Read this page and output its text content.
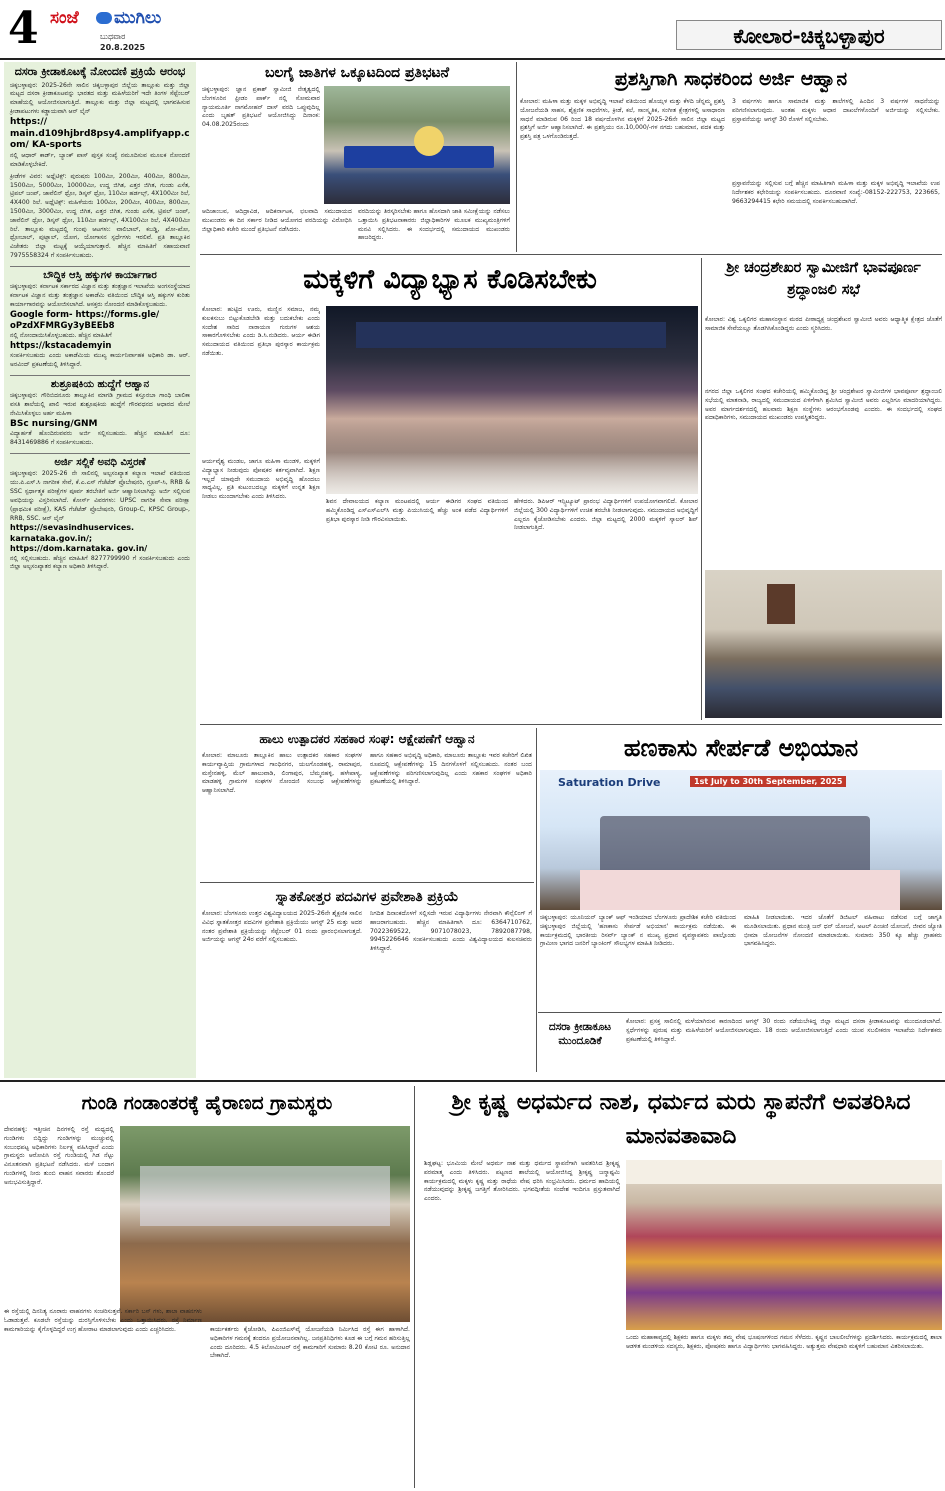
4 ಸಂಜೆ ಮುಗಿಲು
ಬುಧವಾರ
20.8.2025	ಕೋಲಾರ-ಚಿಕ್ಕಬಳ್ಳಾಪುರ
ದಸರಾ ಕ್ರೀಡಾಕೂಟಕ್ಕೆ ನೋಂದಣಿ ಪ್ರಕ್ರಿಯೆ ಆರಂಭ
ಚಿಕ್ಕಬಳ್ಳಾಪುರ: 2025-26ನೇ ಸಾಲಿನ ಚಿಕ್ಕಬಳ್ಳಾಪುರ ಜಿಲ್ಲೆಯ ತಾಲ್ಲೂಕು ಮತ್ತು ಜಿಲ್ಲಾ ಮಟ್ಟದ ದಸರಾ ಕ್ರೀಡಾಕೂಟವನ್ನು ಭಾರತದ ಮತ್ತು ಮಹಿಳೆಯರಿಗೆ ಇದೇ ತಿಂಗಳ ಸೆಪ್ಟೆಂಬರ್ ಮಾಹೆಯಲ್ಲಿ ಆಯೋಜಿಸಲಾಗುತ್ತಿದೆ. ತಾಲ್ಲೂಕು ಮತ್ತು ಜಿಲ್ಲಾ ಮಟ್ಟದಲ್ಲಿ ಭಾಗವಹಿಸುವ ಕ್ರೀಡಾಪಟುಗಳು ಕಡ್ಡಾಯವಾಗಿ ಆನ್ ಲೈನ್
https:// main.d109hjbrd8psy4.amplifyapp.com/ KA-sports
ನಲ್ಲಿ ಆಧಾರ್ ಕಾರ್ಡ್, ಬ್ಯಾಂಕ್ ಪಾಸ್ ಪುಸ್ತಕ ಸಂಖ್ಯೆ ನಮೂದಿಸುವ ಮೂಲಕ ನೋಂದಣಿ ಮಾಡಿಕೊಳ್ಳಬೇಕಿದೆ.
ಕ್ರೀಡೆಗಳ ವಿವರ: ಅಥ್ಲೆಟಿಕ್ಸ್: ಪುರುಷರು 100ಮೀ, 200ಮೀ, 400ಮೀ, 800ಮೀ, 1500ಮೀ, 5000ಮೀ, 10000ಮೀ, ಉದ್ದ ಜಿಗಿತ, ಎತ್ತರ ಜಿಗಿತ, ಗುಂಡು ಎಸೆತ, ಟ್ರಿಪಲ್ ಜಂಪ್, ಜಾವೆಲಿನ್ ಥ್ರೋ, ಡಿಸ್ಕಸ್ ಥ್ರೋ, 110ಮೀ ಹರ್ಡಲ್ಸ್, 4X100ಮೀ ರಿಲೆ, 4X400 ರಿಲೆ. ಅಥ್ಲೆಟಿಕ್ಸ್: ಮಹಿಳೆಯರು 100ಮೀ, 200ಮೀ, 400ಮೀ, 800ಮೀ, 1500ಮೀ, 3000ಮೀ, ಉದ್ದ ಜಿಗಿತ, ಎತ್ತರ ಜಿಗಿತ, ಗುಂಡು ಎಸೆತ, ಟ್ರಿಪಲ್ ಜಂಪ್, ಜಾವೆಲಿನ್ ಥ್ರೋ, ಡಿಸ್ಕಸ್ ಥ್ರೋ, 110ಮೀ ಹರ್ಡಲ್ಸ್, 4X100ಮೀ ರಿಲೆ, 4X400ಮೀ ರಿಲೆ. ತಾಲ್ಲೂಕು ಮಟ್ಟದಲ್ಲಿ ಗುಂಪು ಆಟಗಳು: ವಾಲಿಬಾಲ್, ಕಬಡ್ಡಿ, ಖೋ-ಖೋ, ಥ್ರೋಬಾಲ್, ಪುಟ್ಬಾಲ್, ಯೋಗ, ಯೋಗಾಸನ ಸ್ಪರ್ಧೆಗಳು ಇರಲಿವೆ. ಪ್ರತಿ ತಾಲ್ಲೂಕಿನ ವಿಜೇತರು ಜಿಲ್ಲಾ ಮಟ್ಟಕ್ಕೆ ಆಯ್ಕೆಯಾಗುತ್ತಾರೆ. ಹೆಚ್ಚಿನ ಮಾಹಿತಿಗೆ ಸಹಾಯವಾಣಿ 7975558324 ಗೆ ಸಂಪರ್ಕಿಸಬಹುದು.
ಬೌದ್ಧಿಕ ಆಸ್ತಿ ಹಕ್ಕುಗಳ ಕಾರ್ಯಾಗಾರ
ಚಿಕ್ಕಬಳ್ಳಾಪುರ: ಕರ್ನಾಟಕ ಸರ್ಕಾರದ ವಿಜ್ಞಾನ ಮತ್ತು ತಂತ್ರಜ್ಞಾನ ಇಲಾಖೆಯ ಅಂಗಸಂಸ್ಥೆಯಾದ ಕರ್ನಾಟಕ ವಿಜ್ಞಾನ ಮತ್ತು ತಂತ್ರಜ್ಞಾನ ಅಕಾಡೆಮಿ ವತಿಯಿಂದ ಬೌದ್ಧಿಕ ಆಸ್ತಿ ಹಕ್ಕುಗಳ ಕುರಿತು ಕಾರ್ಯಾಗಾರವನ್ನು ಆಯೋಜಿಸಲಾಗಿದೆ. ಆಸಕ್ತರು ನೋಂದಣಿ ಮಾಡಿಕೊಳ್ಳಬಹುದು.
Google form- https://forms.gle/ oPzdXFMRGy3yBEEb8
ನಲ್ಲಿ ನೋಂದಾಯಿಸಿಕೊಳ್ಳಬಹುದು. ಹೆಚ್ಚಿನ ಮಾಹಿತಿಗೆ
https://kstacademyin
ಸಂಪರ್ಕಿಸಬಹುದು ಎಂದು ಅಕಾಡೆಮಿಯ ಮುಖ್ಯ ಕಾರ್ಯನಿರ್ವಾಹಕ ಅಧಿಕಾರಿ ಡಾ. ಆರ್. ಅರವಿಂದ್ ಪ್ರಕಟಣೆಯಲ್ಲಿ ತಿಳಿಸಿದ್ದಾರೆ.
ಶುಶ್ರೂಷಕಿಯ ಹುದ್ದೆಗೆ ಆಹ್ವಾನ
ಚಿಕ್ಕಬಳ್ಳಾಪುರ: ಗೌರಿಬಿದನೂರು ತಾಲ್ಲೂಕಿನ ಮಾಗಡಿ ಗ್ರಾಮದ ಕಸ್ತೂರಬಾ ಗಾಂಧಿ ಬಾಲಿಕಾ ವಸತಿ ಶಾಲೆಯಲ್ಲಿ ಖಾಲಿ ಇರುವ ಶುಶ್ರೂಷಕಿಯ ಹುದ್ದೆಗೆ ಗೌರವಧನದ ಆಧಾರದ ಮೇಲೆ ನೇಮಿಸಿಕೊಳ್ಳಲು ಅರ್ಹ ಮಹಿಳಾ
BSc nursing/GNM
ವಿದ್ಯಾರ್ಹತೆ ಹೊಂದಿರುವವರು ಅರ್ಜಿ ಸಲ್ಲಿಸಬಹುದು. ಹೆಚ್ಚಿನ ಮಾಹಿತಿಗೆ ದೂ: 8431469886 ಗೆ ಸಂಪರ್ಕಿಸಬಹುದು.
ಅರ್ಜಿ ಸಲ್ಲಿಕೆ ಅವಧಿ ವಿಸ್ತರಣೆ
ಚಿಕ್ಕಬಳ್ಳಾಪುರ: 2025-26 ನೇ ಸಾಲಿನಲ್ಲಿ ಅಲ್ಪಸಂಖ್ಯಾತ ಕಲ್ಯಾಣ ಇಲಾಖೆ ವತಿಯಿಂದ ಯು.ಪಿ.ಎಸ್.ಸಿ ನಾಗರೀಕ ಸೇವೆ, ಕೆ.ಎ.ಎಸ್ ಗೆಜೆಟೆಡ್ ಪ್ರೊಬೇಷನರಿ, ಗ್ರೂಪ್-ಸಿ, RRB & SSC ಸ್ಪರ್ಧಾತ್ಮಕ ಪರೀಕ್ಷೆಗಳ ಪೂರ್ವ ತರಬೇತಿಗೆ ಅರ್ಜಿ ಆಹ್ವಾನಿಸಲಾಗಿದ್ದು ಅರ್ಜಿ ಸಲ್ಲಿಸುವ ಅವಧಿಯನ್ನು ವಿಸ್ತರಿಸಲಾಗಿದೆ. ಕೋರ್ಸ್ ವಿವರಗಳು: UPSC ನಾಗರಿಕ ಸೇವಾ ಪರೀಕ್ಷಾ (ಪ್ರಾಥಮಿಕ ಪರೀಕ್ಷೆ), KAS ಗೆಜೆಟೆಡ್ ಪ್ರೊಬೇಷನರಿ, Group-C, KPSC Group-, RRB, SSC. ಆನ್ ಲೈನ್
https://sevasindhuservices. karnataka.gov.in/; https://dom.karnataka. gov.in/
ನಲ್ಲಿ ಸಲ್ಲಿಸಬಹುದು. ಹೆಚ್ಚಿನ ಮಾಹಿತಿಗೆ 8277799990 ಗೆ ಸಂಪರ್ಕಿಸಬಹುದು ಎಂದು ಜಿಲ್ಲಾ ಅಲ್ಪಸಂಖ್ಯಾತರ ಕಲ್ಯಾಣ ಅಧಿಕಾರಿ ತಿಳಿಸಿದ್ದಾರೆ.
ಬಲಗೈ ಜಾತಿಗಳ ಒಕ್ಕೂಟದಿಂದ ಪ್ರತಿಭಟನೆ
ಚಿಕ್ಕಬಳ್ಳಾಪುರ: ಜ್ಞಾನ ಪ್ರಕಾಶ್ ಸ್ವಾಮೀಜಿ ನೇತೃತ್ವದಲ್ಲಿ ಬೆಂಗಳೂರಿನ ಫ್ರೀಡಂ ಪಾರ್ಕ್ ನಲ್ಲಿ ಸೋಮವಾರ ನ್ಯಾಯಮೂರ್ತಿ ನಾಗಮೋಹನ್ ದಾಸ್ ವರದಿ ಒಪ್ಪುವುದಿಲ್ಲ ಎಂದು ಬೃಹತ್ ಪ್ರತಿಭಟನೆ ಆಯೋಜಿಸಿದ್ದು ದಿನಾಂಕ: 04.08.2025ರಂದು
ಆದಿಜಾಂಬವ, ಆದಿದ್ರಾವಿಡ, ಆದಿಕರ್ನಾಟಕ, ಛಲವಾದಿ ಸಮುದಾಯದ ಮುಖಂಡರು ಈ ದಿನ ಸರ್ಕಾರ ನೀಡಿದ ಆಯೋಗದ ವರದಿಯನ್ನು ವಿರೋಧಿಸಿ ಜಿಲ್ಲಾಧಿಕಾರಿ ಕಚೇರಿ ಮುಂದೆ ಪ್ರತಿಭಟನೆ ನಡೆಸಿದರು.
ವರದಿಯನ್ನು ತಿರಸ್ಕರಿಸಬೇಕು ಹಾಗೂ ಹೊಸದಾಗಿ ಜಾತಿ ಸಮೀಕ್ಷೆಯನ್ನು ನಡೆಸಲು ಒತ್ತಾಯಿಸಿ ಪ್ರತಿಭಟನಾಕಾರರು ಜಿಲ್ಲಾಧಿಕಾರಿಗಳ ಮೂಲಕ ಮುಖ್ಯಮಂತ್ರಿಗಳಿಗೆ ಮನವಿ ಸಲ್ಲಿಸಿದರು. ಈ ಸಂದರ್ಭದಲ್ಲಿ ಸಮುದಾಯದ ಮುಖಂಡರು ಹಾಜರಿದ್ದರು.
ಪ್ರಶಸ್ತಿಗಾಗಿ ಸಾಧಕರಿಂದ ಅರ್ಜಿ ಆಹ್ವಾನ
ಕೋಲಾರ: ಮಹಿಳಾ ಮತ್ತು ಮಕ್ಕಳ ಅಭಿವೃದ್ಧಿ ಇಲಾಖೆ ವತಿಯಿಂದ ಹೊಯ್ಸಳ ಮತ್ತು ಕೆಳದಿ ಚೆನ್ನಮ್ಮ ಪ್ರಶಸ್ತಿ ಯೋಜನೆಯಡಿ ಸಾಹಸ, ಶೈಕ್ಷಣಿಕ ಸಾಧನೆಗಳು, ಕ್ರೀಡೆ, ಕಲೆ, ಸಾಂಸ್ಕೃತಿಕ, ಸಂಗೀತ ಕ್ಷೇತ್ರಗಳಲ್ಲಿ ಅಸಾಧಾರಣ ಸಾಧನೆ ಮಾಡಿರುವ 06 ರಿಂದ 18 ವರ್ಷದೊಳಗಿನ ಮಕ್ಕಳಿಗೆ 2025-26ನೇ ಸಾಲಿನ ಜಿಲ್ಲಾ ಮಟ್ಟದ ಪ್ರಶಸ್ತಿಗೆ ಅರ್ಜಿ ಆಹ್ವಾನಿಸಲಾಗಿದೆ. ಈ ಪ್ರಶಸ್ತಿಯು ರೂ.10,000/-ಗಳ ನಗದು ಬಹುಮಾನ, ಪದಕ ಮತ್ತು ಪ್ರಶಸ್ತಿ ಪತ್ರ ಒಳಗೊಂಡಿರುತ್ತದೆ.
3 ವರ್ಷಗಳು ಹಾಗೂ ಸಾಮಾಜಿಕ ಮತ್ತು ಶಾಲೆಗಳಲ್ಲಿ ಹಿಂದಿನ 3 ವರ್ಷಗಳ ಸಾಧನೆಯನ್ನು ಪರಿಗಣಿಸಲಾಗುವುದು. ಅಂತಹ ಮಕ್ಕಳು ಆಧಾರ ದಾಖಲೆಗಳೊಂದಿಗೆ ಅರ್ಜಿಯನ್ನು ಸಲ್ಲಿಸಬೇಕು. ಪ್ರಸ್ತಾವನೆಯನ್ನು ಆಗಸ್ಟ್ 30 ರೊಳಗೆ ಸಲ್ಲಿಸಬೇಕು.
ಪ್ರಸ್ತಾವನೆಯನ್ನು ಸಲ್ಲಿಸುವ ಬಗ್ಗೆ ಹೆಚ್ಚಿನ ಮಾಹಿತಿಗಾಗಿ ಮಹಿಳಾ ಮತ್ತು ಮಕ್ಕಳ ಅಭಿವೃದ್ಧಿ ಇಲಾಖೆಯ ಉಪ ನಿರ್ದೇಶಕರ ಕಛೇರಿಯನ್ನು ಸಂಪರ್ಕಿಸಬಹುದು. ದೂರವಾಣಿ ಸಂಖ್ಯೆ:-08152-222753, 223665, 9663294415 ಕಛೇರಿ ಸಮಯದಲ್ಲಿ ಸಂಪರ್ಕಿಸಬಹುದಾಗಿದೆ.
ಮಕ್ಕಳಿಗೆ ವಿದ್ಯಾಭ್ಯಾಸ ಕೊಡಿಸಬೇಕು
ಕೋಲಾರ: ಹುಟ್ಟಿದ ಊರು, ಮಣ್ಣಿನ ಸಮಾಜ, ನಮ್ಮ ಕುಲಕಸುಬು ಬಿಟ್ಟುಕೊಡಬೇಡಿ ಮತ್ತು ಬದುಕಬೇಕು ಎಂದು ಸಂದೇಶ ಸಾರಿದ ನಾರಾಯಣ ಗುರುಗಳ ಆಶಯ ಸಾಕಾರಗೊಳಿಸಬೇಕು ಎಂದು ಡಿ.ಸಿ.ನುಡಿದರು. ಆರ್ಯ ಈಡಿಗ ಸಮುದಾಯದ ವತಿಯಿಂದ ಪ್ರತಿಭಾ ಪುರಸ್ಕಾರ ಕಾರ್ಯಕ್ರಮ ನಡೆಯಿತು.
ಆರ್ಯವೈಶ್ಯ ಮಂಡಲ, ಜಾಗೂ ಮಹಿಳಾ ಮಂಡಳಿ, ಮಕ್ಕಳಿಗೆ ವಿದ್ಯಾಭ್ಯಾಸ ನೀಡುವುದು ಪೋಷಕರ ಕರ್ತವ್ಯವಾಗಿದೆ. ಶಿಕ್ಷಣ ಇಲ್ಲದೆ ಯಾವುದೇ ಸಮುದಾಯ ಅಭಿವೃದ್ಧಿ ಹೊಂದಲು ಸಾಧ್ಯವಿಲ್ಲ. ಪ್ರತಿ ಕುಟುಂಬದಲ್ಲೂ ಮಕ್ಕಳಿಗೆ ಉನ್ನತ ಶಿಕ್ಷಣ ನೀಡಲು ಮುಂದಾಗಬೇಕು ಎಂದು ತಿಳಿಸಿದರು.
ಶಿವನ ದೇವಾಲಯದ ಕಲ್ಯಾಣ ಮಂಟಪದಲ್ಲಿ ಆರ್ಯ ಈಡಿಗರ ಸಂಘದ ವತಿಯಿಂದ ಹಮ್ಮಿಕೊಂಡಿದ್ದ ಎಸ್ಎಸ್ಎಲ್‌ಸಿ ಮತ್ತು ಪಿಯುಸಿಯಲ್ಲಿ ಹೆಚ್ಚು ಅಂಕ ಪಡೆದ ವಿದ್ಯಾರ್ಥಿಗಳಿಗೆ ಪ್ರತಿಭಾ ಪುರಸ್ಕಾರ ನೀಡಿ ಗೌರವಿಸಲಾಯಿತು.
ಹೇಳಿದರು. ಡಿಪಿಆರ್ ಇನ್ಸ್ಟಿಟ್ಯೂಟ್ ಪ್ರಾರಂಭ ವಿದ್ಯಾರ್ಥಿಗಳಿಗೆ ಉಪಯೋಗವಾಗಲಿದೆ. ಕೋಲಾರ ಜಿಲ್ಲೆಯಲ್ಲಿ 300 ವಿದ್ಯಾರ್ಥಿಗಳಿಗೆ ಉಚಿತ ತರಬೇತಿ ನೀಡಲಾಗುವುದು. ಸಮುದಾಯದ ಅಭಿವೃದ್ಧಿಗೆ ಎಲ್ಲರೂ ಕೈಜೋಡಿಸಬೇಕು ಎಂದರು. ಜಿಲ್ಲಾ ಮಟ್ಟದಲ್ಲಿ 2000 ಮಕ್ಕಳಿಗೆ ಸ್ಕಾಲರ್ ಶಿಪ್ ನೀಡಲಾಗುತ್ತಿದೆ.
ಶ್ರೀ ಚಂದ್ರಶೇಖರ ಸ್ವಾಮೀಜಿಗೆ ಭಾವಪೂರ್ಣ ಶ್ರದ್ಧಾಂಜಲಿ ಸಭೆ
ಕೋಲಾರ: ವಿಶ್ವ ಒಕ್ಕಲಿಗರ ಮಹಾಸಂಸ್ಥಾನ ಮಠದ ಪೀಠಾಧ್ಯಕ್ಷ ಚಂದ್ರಶೇಖರ ಸ್ವಾಮೀಜಿ ಅವರು ಆಧ್ಯಾತ್ಮಿಕ ಕ್ಷೇತ್ರದ ಜೊತೆಗೆ ಸಾಮಾಜಿಕ ಸೇವೆಯಲ್ಲೂ ತೊಡಗಿಸಿಕೊಂಡಿದ್ದರು ಎಂದು ಸ್ಮರಿಸಿದರು.
ನಗರದ ಜಿಲ್ಲಾ ಒಕ್ಕಲಿಗರ ಸಂಘದ ಕಚೇರಿಯಲ್ಲಿ ಹಮ್ಮಿಕೊಂಡಿದ್ದ ಶ್ರೀ ಚಂದ್ರಶೇಖರ ಸ್ವಾಮೀಜಿಗಳ ಭಾವಪೂರ್ಣ ಶ್ರದ್ಧಾಂಜಲಿ ಸಭೆಯಲ್ಲಿ ಮಾತನಾಡಿ, ರಾಜ್ಯದಲ್ಲಿ ಸಮುದಾಯದ ಏಳಿಗೆಗಾಗಿ ಶ್ರಮಿಸಿದ ಸ್ವಾಮೀಜಿ ಅವರು ಎಲ್ಲರಿಗೂ ಮಾದರಿಯಾಗಿದ್ದರು. ಅವರ ಮಾರ್ಗದರ್ಶನದಲ್ಲಿ ಹಲವಾರು ಶಿಕ್ಷಣ ಸಂಸ್ಥೆಗಳು ಆರಂಭಗೊಂಡವು ಎಂದರು. ಈ ಸಂದರ್ಭದಲ್ಲಿ ಸಂಘದ ಪದಾಧಿಕಾರಿಗಳು, ಸಮುದಾಯದ ಮುಖಂಡರು ಉಪಸ್ಥಿತರಿದ್ದರು.
ಹಾಲು ಉತ್ಪಾದಕರ ಸಹಕಾರ ಸಂಘ: ಆಕ್ಷೇಪಣೆಗೆ ಆಹ್ವಾನ
ಕೋಲಾರ: ಮಾಲೂರು ತಾಲ್ಲೂಕಿನ ಹಾಲು ಉತ್ಪಾದಕರ ಸಹಕಾರ ಸಂಘಗಳ ಕಾರ್ಯವ್ಯಾಪ್ತಿಯ ಗ್ರಾಮಗಳಾದ ಗಾಂಧಿನಗರ, ಯಲಗೊಂಡಹಳ್ಳಿ, ರಾಮಾಪುರ, ಮಸ್ತೇನಹಳ್ಳಿ, ಮೆಲ್ ಹಾಲುವಾಡಿ, ಲಿಂಗಾಪುರ, ಬೆಮ್ಮನಹಳ್ಳಿ, ಹಳೇಪಾಳ್ಯ, ಮಾಡಹಳ್ಳಿ ಗ್ರಾಮಗಳ ಸಂಘಗಳ ನೋಂದಣಿ ಸಂಬಂಧ ಆಕ್ಷೇಪಣೆಗಳನ್ನು ಆಹ್ವಾನಿಸಲಾಗಿದೆ.
ಹಾಗೂ ಸಹಕಾರ ಅಭಿವೃದ್ಧಿ ಅಧಿಕಾರಿ, ಮಾಲೂರು ತಾಲ್ಲೂಕು ಇವರ ಕಚೇರಿಗೆ ಲಿಖಿತ ರೂಪದಲ್ಲಿ ಆಕ್ಷೇಪಣೆಗಳನ್ನು 15 ದಿನಗಳೊಳಗೆ ಸಲ್ಲಿಸಬಹುದು. ನಂತರ ಬಂದ ಆಕ್ಷೇಪಣೆಗಳನ್ನು ಪರಿಗಣಿಸಲಾಗುವುದಿಲ್ಲ ಎಂದು ಸಹಕಾರ ಸಂಘಗಳ ಅಧಿಕಾರಿ ಪ್ರಕಟಣೆಯಲ್ಲಿ ತಿಳಿಸಿದ್ದಾರೆ.
ಸ್ನಾತಕೋತ್ತರ ಪದವಿಗಳ ಪ್ರವೇಶಾತಿ ಪ್ರಕ್ರಿಯೆ
ಕೋಲಾರ: ಬೆಂಗಳೂರು ಉತ್ತರ ವಿಶ್ವವಿದ್ಯಾಲಯದ 2025-26ನೇ ಶೈಕ್ಷಣಿಕ ಸಾಲಿನ ವಿವಿಧ ಸ್ನಾತಕೋತ್ತರ ಪದವಿಗಳ ಪ್ರವೇಶಾತಿ ಪ್ರಕ್ರಿಯೆಯು ಆಗಸ್ಟ್ 25 ಮತ್ತು ಅದರ ನಂತರ ಪ್ರವೇಶಾತಿ ಪ್ರಕ್ರಿಯೆಯನ್ನು ಸೆಪ್ಟೆಂಬರ್ 01 ರಂದು ಪ್ರಾರಂಭಿಸಲಾಗುತ್ತದೆ. ಅರ್ಜಿಯನ್ನು ಆಗಸ್ಟ್ 24ರ ವರೆಗೆ ಸಲ್ಲಿಸಬಹುದು.
ನಿಗದಿತ ದಿನಾಂಕದೊಳಗೆ ಸಲ್ಲಿಸದೇ ಇರುವ ವಿದ್ಯಾರ್ಥಿಗಳು ನೇರವಾಗಿ ಕೌನ್ಸೆಲಿಂಗ್ ಗೆ ಹಾಜರಾಗಬಹುದು. ಹೆಚ್ಚಿನ ಮಾಹಿತಿಗಾಗಿ ದೂ: 6364710762, 7022369522, 9071078023, 7892087798, 9945226646 ಸಂಪರ್ಕಿಸಬಹುದು ಎಂದು ವಿಶ್ವವಿದ್ಯಾಲಯದ ಕುಲಸಚಿವರು ತಿಳಿಸಿದ್ದಾರೆ.
ಹಣಕಾಸು ಸೇರ್ಪಡೆ ಅಭಿಯಾನ
Saturation Drive	1st July to 30th September, 2025
ಚಿಕ್ಕಬಳ್ಳಾಪುರ: ಯೂನಿಯನ್ ಬ್ಯಾಂಕ್ ಆಫ್ ಇಂಡಿಯಾದ ಬೆಂಗಳೂರು ಪ್ರಾದೇಶಿಕ ಕಚೇರಿ ವತಿಯಿಂದ ಚಿಕ್ಕಬಳ್ಳಾಪುರ ಜಿಲ್ಲೆಯಲ್ಲಿ 'ಹಣಕಾಸು ಸೇರ್ಪಡೆ ಅಭಿಯಾನ' ಕಾರ್ಯಕ್ರಮ ನಡೆಯಿತು. ಈ ಕಾರ್ಯಕ್ರಮದಲ್ಲಿ ಭಾರತೀಯ ರಿಸರ್ವ್ ಬ್ಯಾಂಕ್ ನ ಮುಖ್ಯ ಪ್ರಧಾನ ವ್ಯವಸ್ಥಾಪಕರು ಪಾಲ್ಗೊಂಡು ಗ್ರಾಮೀಣ ಭಾಗದ ಜನರಿಗೆ ಬ್ಯಾಂಕಿಂಗ್ ಸೌಲಭ್ಯಗಳ ಮಾಹಿತಿ ನೀಡಿದರು.
ಮಾಹಿತಿ ನೀಡಲಾಯಿತು. ಇದರ ಜೊತೆಗೆ ಡಿಜಿಟಲ್ ವಹಿವಾಟು ನಡೆಸುವ ಬಗ್ಗೆ ಜಾಗೃತಿ ಮೂಡಿಸಲಾಯಿತು. ಪ್ರಧಾನ ಮಂತ್ರಿ ಜನ್ ಧನ್ ಯೋಜನೆ, ಅಟಲ್ ಪಿಂಚಣಿ ಯೋಜನೆ, ಜೀವನ ಜ್ಯೋತಿ ಭೀಮಾ ಯೋಜನೆಗಳ ನೋಂದಣಿ ಮಾಡಲಾಯಿತು. ಸುಮಾರು 350 ಕ್ಕೂ ಹೆಚ್ಚು ಗ್ರಾಹಕರು ಭಾಗವಹಿಸಿದ್ದರು.
ದಸರಾ ಕ್ರೀಡಾಕೂಟ ಮುಂದೂಡಿಕೆ
ಕೋಲಾರ: ಪ್ರಸಕ್ತ ಸಾಲಿನಲ್ಲಿ ಮಳೆಯಾಗಿರುವ ಕಾರಣದಿಂದ ಆಗಸ್ಟ್ 30 ರಂದು ನಡೆಯಬೇಕಿದ್ದ ಜಿಲ್ಲಾ ಮಟ್ಟದ ದಸರಾ ಕ್ರೀಡಾಕೂಟವನ್ನು ಮುಂದೂಡಲಾಗಿದೆ. ಸ್ಪರ್ಧೆಗಳನ್ನು ಪುರುಷ ಮತ್ತು ಮಹಿಳೆಯರಿಗೆ ಆಯೋಜಿಸಲಾಗುವುದು. 18 ರಂದು ಆಯೋಜಿಸಲಾಗುತ್ತಿದೆ ಎಂದು ಯುವ ಸಬಲೀಕರಣ ಇಲಾಖೆಯ ನಿರ್ದೇಶಕರು ಪ್ರಕಟಣೆಯಲ್ಲಿ ತಿಳಿಸಿದ್ದಾರೆ.
ಗುಂಡಿ ಗಂಡಾಂತರಕ್ಕೆ ಹೈರಾಣದ ಗ್ರಾಮಸ್ಥರು
ದೇವನಹಳ್ಳಿ: ಇತ್ತೀಚಿನ ದಿನಗಳಲ್ಲಿ ರಸ್ತೆ ಮಧ್ಯದಲ್ಲಿ ಗುಂಡಿಗಳು ಬಿದ್ದಿದ್ದು ಗುಂಡಿಗಳನ್ನು ಮುಚ್ಚುವಲ್ಲಿ ಸಂಬಂಧಪಟ್ಟ ಅಧಿಕಾರಿಗಳು ನಿರ್ಲಕ್ಷ್ಯ ವಹಿಸಿದ್ದಾರೆ ಎಂದು ಗ್ರಾಮಸ್ಥರು ಆರೋಪಿಸಿ ರಸ್ತೆ ಗುಂಡಿಯಲ್ಲಿ ಗಿಡ ನೆಟ್ಟು ವಿನೂತನವಾಗಿ ಪ್ರತಿಭಟನೆ ನಡೆಸಿದರು. ಮಳೆ ಬಂದಾಗ ಗುಂಡಿಗಳಲ್ಲಿ ನೀರು ತುಂಬಿ ವಾಹನ ಸವಾರರು ತೊಂದರೆ ಅನುಭವಿಸುತ್ತಿದ್ದಾರೆ.
ಈ ರಸ್ತೆಯಲ್ಲಿ ದಿನನಿತ್ಯ ನೂರಾರು ವಾಹನಗಳು ಸಂಚರಿಸುತ್ತವೆ. ಸರ್ಕಾರಿ ಬಸ್ ಗಳು, ಶಾಲಾ ವಾಹನಗಳು ಓಡಾಡುತ್ತವೆ. ಕೂಡಲೇ ರಸ್ತೆಯನ್ನು ದುರಸ್ತಿಗೊಳಿಸಬೇಕು ಎಂದು ಒತ್ತಾಯಿಸಿದರು. ರಸ್ತೆ ನಿರ್ಮಾಣ ಕಾಮಗಾರಿಯನ್ನು ಕೈಗೊಳ್ಳದಿದ್ದರೆ ಉಗ್ರ ಹೋರಾಟ ಮಾಡಲಾಗುವುದು ಎಂದು ಎಚ್ಚರಿಸಿದರು.	ಕಾರ್ಯಕರ್ತರು ಕೈಜೋಡಿಸಿ, ಪಿಎಂಜಿಎಸ್‌ವೈ ಯೋಜನೆಯಡಿ ನಿರ್ಮಿಸಿದ ರಸ್ತೆ ಈಗ ಹಾಳಾಗಿದೆ. ಅಧಿಕಾರಿಗಳ ಗಮನಕ್ಕೆ ತಂದರೂ ಪ್ರಯೋಜನವಾಗಿಲ್ಲ. ಜನಪ್ರತಿನಿಧಿಗಳು ಕೂಡ ಈ ಬಗ್ಗೆ ಗಮನ ಹರಿಸುತ್ತಿಲ್ಲ ಎಂದು ದೂರಿದರು. 4.5 ಕಿಲೋಮೀಟರ್ ರಸ್ತೆ ಕಾಮಗಾರಿಗೆ ಸುಮಾರು 8.20 ಕೋಟಿ ರೂ. ಅನುದಾನ ಬೇಕಾಗಿದೆ.
ಶ್ರೀ ಕೃಷ್ಣ ಅಧರ್ಮದ ನಾಶ, ಧರ್ಮದ ಮರು ಸ್ಥಾಪನೆಗೆ ಅವತರಿಸಿದ ಮಾನವತಾವಾದಿ
ಶಿಡ್ಲಘಟ್ಟ: ಭೂಮಿಯ ಮೇಲೆ ಅಧರ್ಮ ನಾಶ ಮತ್ತು ಧರ್ಮದ ಸ್ಥಾಪನೆಗಾಗಿ ಅವತರಿಸಿದ ಶ್ರೀಕೃಷ್ಣ ಪರಮಾತ್ಮ ಎಂದು ತಿಳಿಸಿದರು. ಪಟ್ಟಣದ ಶಾಲೆಯಲ್ಲಿ ಆಯೋಜಿಸಿದ್ದ ಶ್ರೀಕೃಷ್ಣ ಜನ್ಮಾಷ್ಟಮಿ ಕಾರ್ಯಕ್ರಮದಲ್ಲಿ ಮಕ್ಕಳು ಕೃಷ್ಣ ಮತ್ತು ರಾಧೆಯ ವೇಷ ಧರಿಸಿ ಸಂಭ್ರಮಿಸಿದರು. ಧರ್ಮದ ಹಾದಿಯಲ್ಲಿ ನಡೆಯುವುದನ್ನು ಶ್ರೀಕೃಷ್ಣ ಜಗತ್ತಿಗೆ ತೋರಿಸಿದರು. ಭಗವದ್ಗೀತೆಯ ಸಂದೇಶ ಇಂದಿಗೂ ಪ್ರಸ್ತುತವಾಗಿದೆ ಎಂದರು.
ಒಂದು ಮಹಾಕಾವ್ಯದಲ್ಲಿ ಶಿಕ್ಷಕರು ಹಾಗೂ ಮಕ್ಕಳು ತಮ್ಮ ವೇಷ ಭೂಷಣಗಳಿಂದ ಗಮನ ಸೆಳೆದರು. ಕೃಷ್ಣನ ಬಾಲಲೀಲೆಗಳನ್ನು ಪ್ರದರ್ಶಿಸಿದರು. ಕಾರ್ಯಕ್ರಮದಲ್ಲಿ ಶಾಲಾ ಆಡಳಿತ ಮಂಡಳಿಯ ಸದಸ್ಯರು, ಶಿಕ್ಷಕರು, ಪೋಷಕರು ಹಾಗೂ ವಿದ್ಯಾರ್ಥಿಗಳು ಭಾಗವಹಿಸಿದ್ದರು. ಅತ್ಯುತ್ತಮ ವೇಷಧಾರಿ ಮಕ್ಕಳಿಗೆ ಬಹುಮಾನ ವಿತರಿಸಲಾಯಿತು.
